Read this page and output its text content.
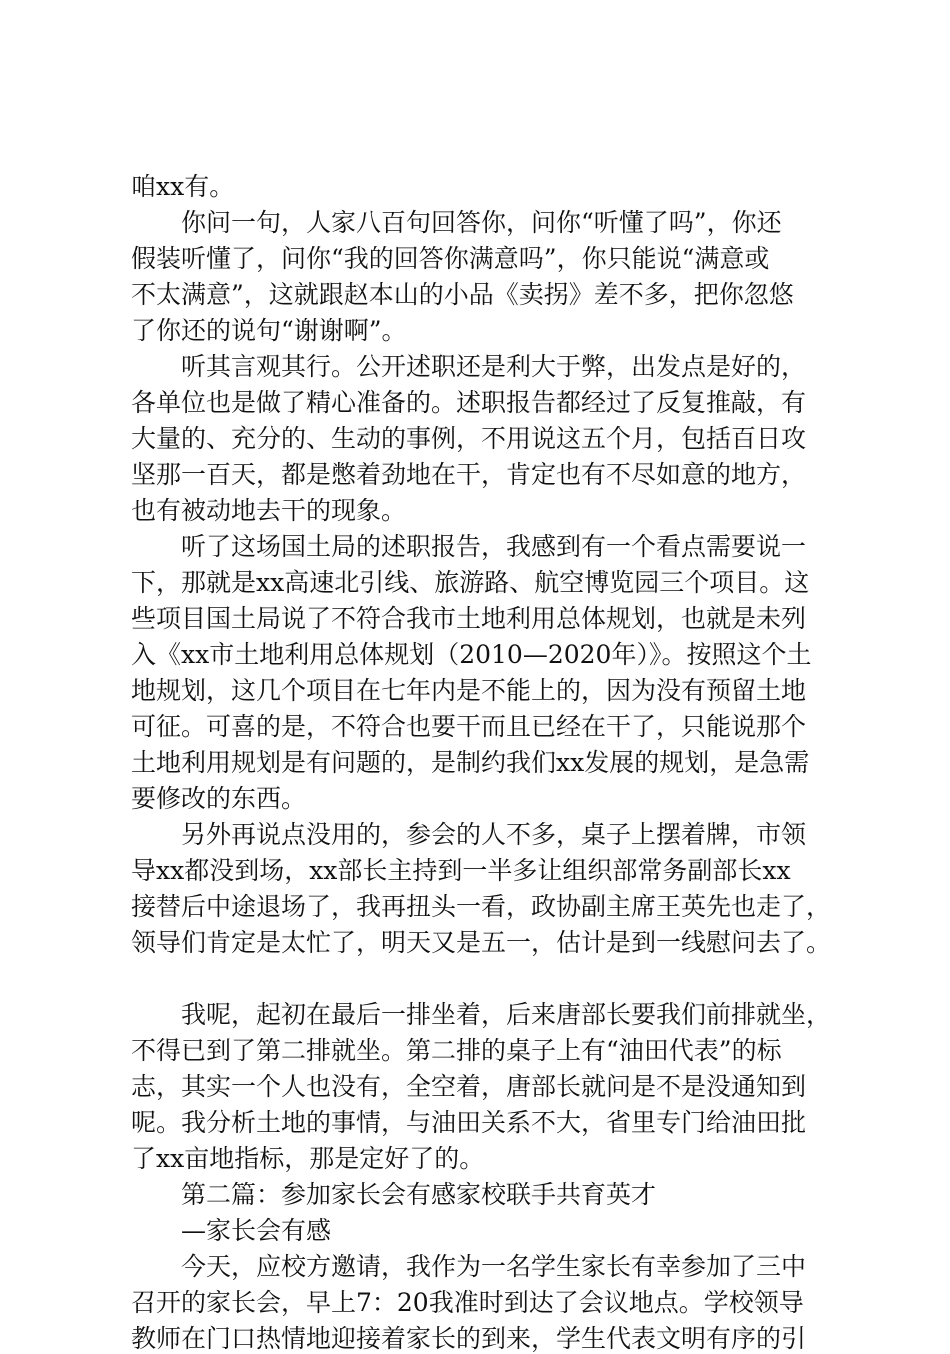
咱xx有。
　　你问一句，人家八百句回答你，问你“听懂了吗”，你还
假装听懂了，问你“我的回答你满意吗”，你只能说“满意或
不太满意”，这就跟赵本山的小品《卖拐》差不多，把你忽悠
了你还的说句“谢谢啊”。
　　听其言观其行。公开述职还是利大于弊，出发点是好的，
各单位也是做了精心准备的。述职报告都经过了反复推敲，有
大量的、充分的、生动的事例，不用说这五个月，包括百日攻
坚那一百天，都是憋着劲地在干，肯定也有不尽如意的地方，
也有被动地去干的现象。
　　听了这场国土局的述职报告，我感到有一个看点需要说一
下，那就是xx高速北引线、旅游路、航空博览园三个项目。这
些项目国土局说了不符合我市土地利用总体规划，也就是未列
入《xx市土地利用总体规划（2010—2020年）》。按照这个土
地规划，这几个项目在七年内是不能上的，因为没有预留土地
可征。可喜的是，不符合也要干而且已经在干了，只能说那个
土地利用规划是有问题的，是制约我们xx发展的规划，是急需
要修改的东西。
　　另外再说点没用的，参会的人不多，桌子上摆着牌，市领
导xx都没到场，xx部长主持到一半多让组织部常务副部长xx
接替后中途退场了，我再扭头一看，政协副主席王英先也走了，
领导们肯定是太忙了，明天又是五一，估计是到一线慰问去了。
　　我呢，起初在最后一排坐着，后来唐部长要我们前排就坐，
不得已到了第二排就坐。第二排的桌子上有“油田代表”的标
志，其实一个人也没有，全空着，唐部长就问是不是没通知到
呢。我分析土地的事情，与油田关系不大，省里专门给油田批
了xx亩地指标，那是定好了的。
　　第二篇：参加家长会有感家校联手共育英才
　　—家长会有感
　　今天，应校方邀请，我作为一名学生家长有幸参加了三中
召开的家长会，早上7：20我准时到达了会议地点。学校领导
教师在门口热情地迎接着家长的到来，学生代表文明有序的引
